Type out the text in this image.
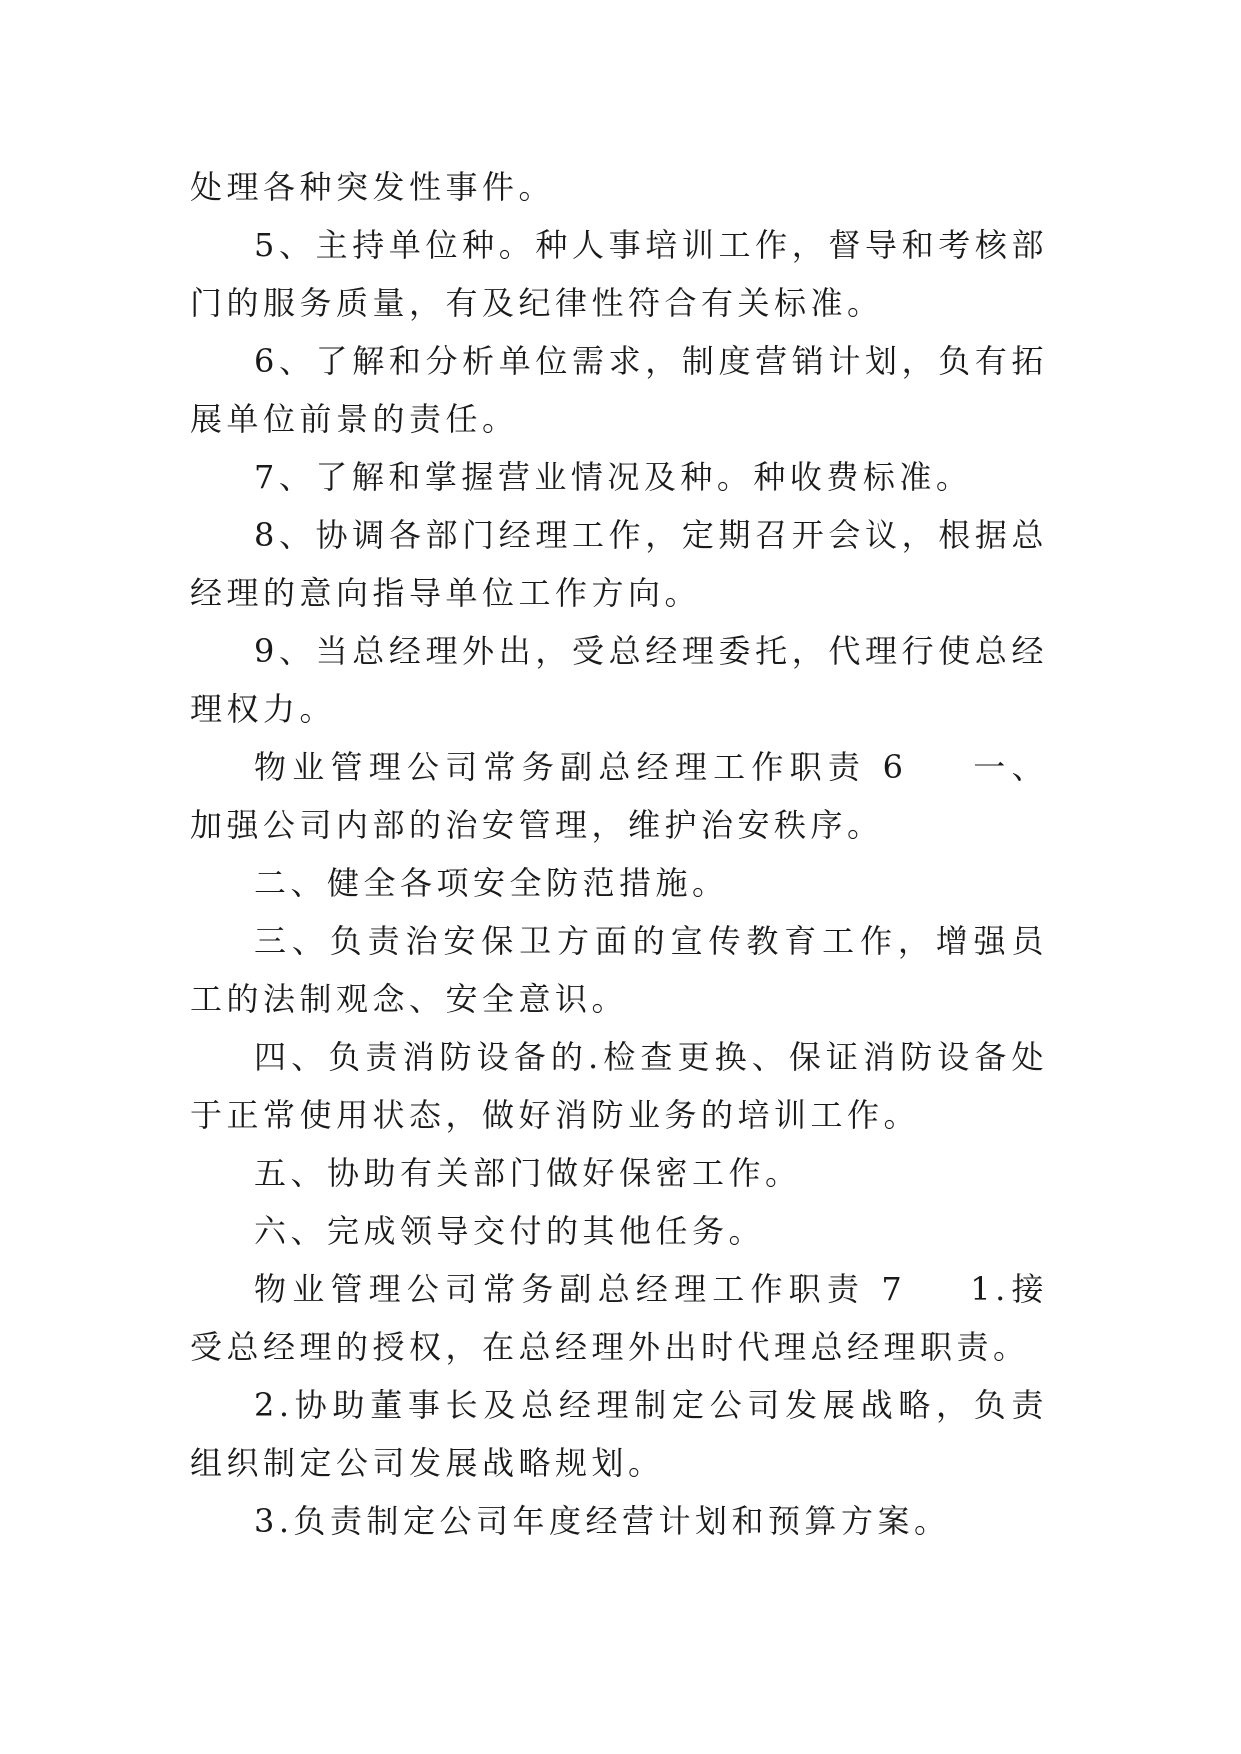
处理各种突发性事件。

5、主持单位种。种人事培训工作，督导和考核部门的服务质量，有及纪律性符合有关标准。

6、了解和分析单位需求，制度营销计划，负有拓展单位前景的责任。

7、了解和掌握营业情况及种。种收费标准。

8、协调各部门经理工作，定期召开会议，根据总经理的意向指导单位工作方向。

9、当总经理外出，受总经理委托，代理行使总经理权力。

物业管理公司常务副总经理工作职责 6 一、加强公司内部的治安管理，维护治安秩序。

二、健全各项安全防范措施。

三、负责治安保卫方面的宣传教育工作，增强员工的法制观念、安全意识。

四、负责消防设备的.检查更换、保证消防设备处于正常使用状态，做好消防业务的培训工作。

五、协助有关部门做好保密工作。

六、完成领导交付的其他任务。

物业管理公司常务副总经理工作职责 7 1.接受总经理的授权，在总经理外出时代理总经理职责。

2.协助董事长及总经理制定公司发展战略，负责组织制定公司发展战略规划。

3.负责制定公司年度经营计划和预算方案。
